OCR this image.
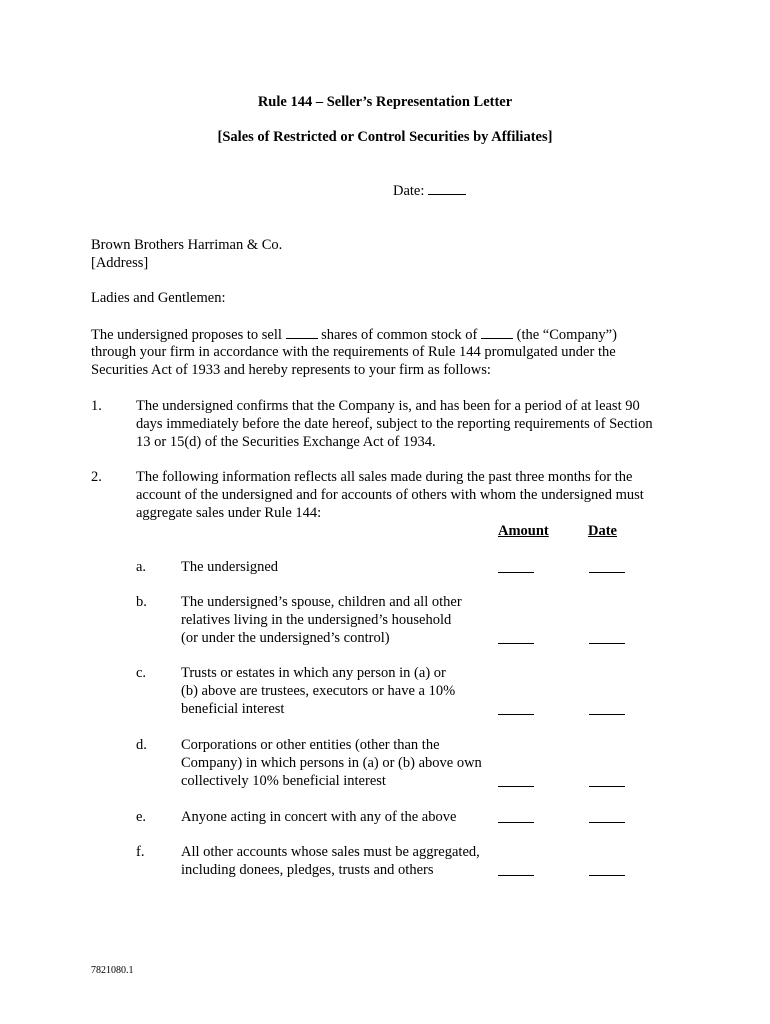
Rule 144 – Seller’s Representation Letter
[Sales of Restricted or Control Securities by Affiliates]
Date:
Brown Brothers Harriman & Co.
[Address]
Ladies and Gentlemen:
The undersigned proposes to sell	shares of common stock of	(the “Company”)
through your firm in accordance with the requirements of Rule 144 promulgated under the
Securities Act of 1933 and hereby represents to your firm as follows:
1. The undersigned confirms that the Company is, and has been for a period of at least 90
days immediately before the date hereof, subject to the reporting requirements of Section
13 or 15(d) of the Securities Exchange Act of 1934.
2. The following information reflects all sales made during the past three months for the
account of the undersigned and for accounts of others with whom the undersigned must
aggregate sales under Rule 144:
Amount	Date
a. The undersigned
b. The undersigned’s spouse, children and all other
relatives living in the undersigned’s household
(or under the undersigned’s control)
c. Trusts or estates in which any person in (a) or
(b) above are trustees, executors or have a 10%
beneficial interest
d. Corporations or other entities (other than the
Company) in which persons in (a) or (b) above own
collectively 10% beneficial interest
e. Anyone acting in concert with any of the above
f.	All other accounts whose sales must be aggregated,
including donees, pledges, trusts and others
7821080.1
